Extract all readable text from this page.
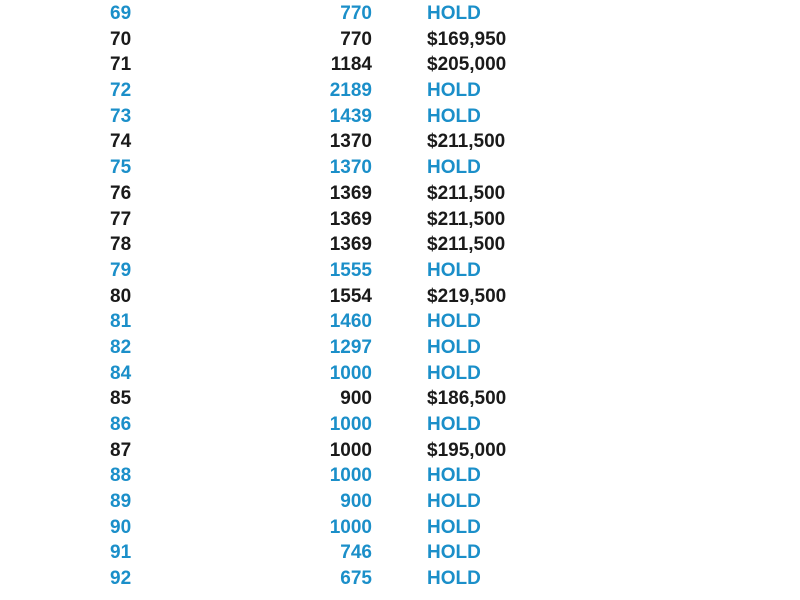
69	770	HOLD
70	770	$169,950
71	1184	$205,000
72	2189	HOLD
73	1439	HOLD
74	1370	$211,500
75	1370	HOLD
76	1369	$211,500
77	1369	$211,500
78	1369	$211,500
79	1555	HOLD
80	1554	$219,500
81	1460	HOLD
82	1297	HOLD
84	1000	HOLD
85	900	$186,500
86	1000	HOLD
87	1000	$195,000
88	1000	HOLD
89	900	HOLD
90	1000	HOLD
91	746	HOLD
92	675	HOLD
